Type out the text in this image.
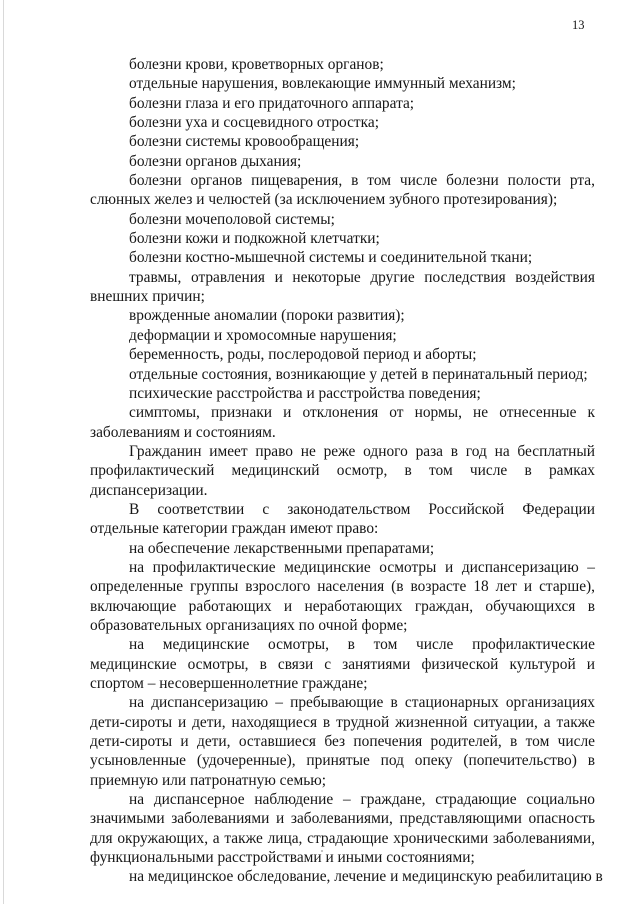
13

болезни крови, кроветворных органов;

отдельные нарушения, вовлекающие иммунный механизм;

болезни глаза и его придаточного аппарата;

болезни уха и сосцевидного отростка;

болезни системы кровообращения;

болезни органов дыхания;

болезни органов пищеварения, в том числе болезни полости рта, слюнных желез и челюстей (за исключением зубного протезирования);

болезни мочеполовой системы;

болезни кожи и подкожной клетчатки;

болезни костно-мышечной системы и соединительной ткани;

травмы, отравления и некоторые другие последствия воздействия внешних причин;

врожденные аномалии (пороки развития);

деформации и хромосомные нарушения;

беременность, роды, послеродовой период и аборты;

отдельные состояния, возникающие у детей в перинатальный период;

психические расстройства и расстройства поведения;

симптомы, признаки и отклонения от нормы, не отнесенные к заболеваниям и состояниям.

Гражданин имеет право не реже одного раза в год на бесплатный профилактический медицинский осмотр, в том числе в рамках диспансеризации.

В соответствии с законодательством Российской Федерации отдельные категории граждан имеют право:

на обеспечение лекарственными препаратами;

на профилактические медицинские осмотры и диспансеризацию – определенные группы взрослого населения (в возрасте 18 лет и старше), включающие работающих и неработающих граждан, обучающихся в образовательных организациях по очной форме;

на медицинские осмотры, в том числе профилактические медицинские осмотры, в связи с занятиями физической культурой и спортом – несовершеннолетние граждане;

на диспансеризацию – пребывающие в стационарных организациях дети-сироты и дети, находящиеся в трудной жизненной ситуации, а также дети-сироты и дети, оставшиеся без попечения родителей, в том числе усыновленные (удочеренные), принятые под опеку (попечительство) в приемную или патронатную семью;

на диспансерное наблюдение – граждане, страдающие социально значимыми заболеваниями и заболеваниями, представляющими опасность для окружающих, а также лица, страдающие хроническими заболеваниями, функциональными расстройствами и иными состояниями;

на медицинское обследование, лечение и медицинскую реабилитацию в
